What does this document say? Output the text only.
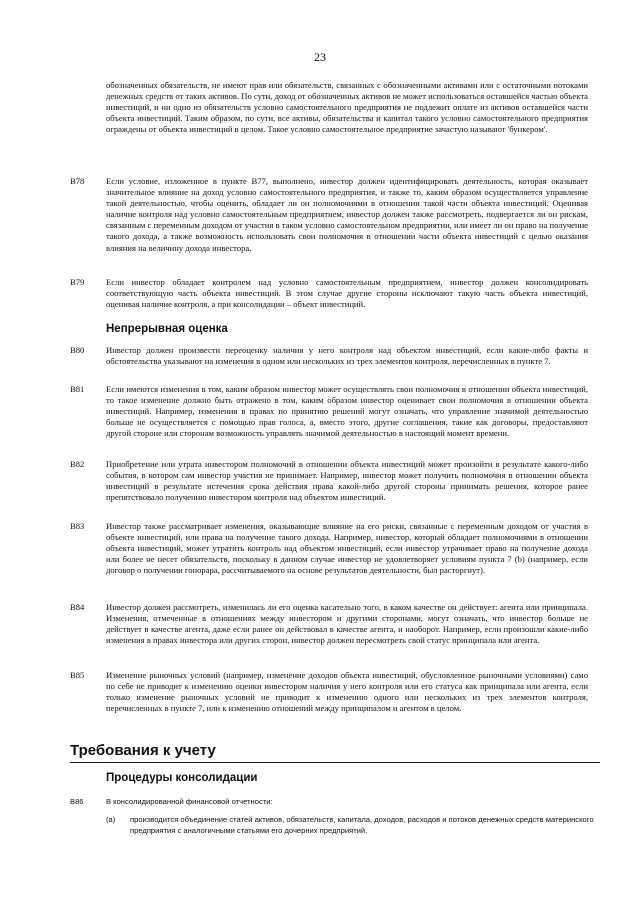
23
обозначенных обязательств, не имеют прав или обязательств, связанных с обозначенными активами или с остаточными потоками денежных средств от таких активов. По сути, доход от обозначенных активов не может использоваться оставшейся частью объекта инвестиций, и ни одно из обязательств условно самостоятельного предприятия не подлежит оплате из активов оставшейся части объекта инвестиций. Таким образом, по сути, все активы, обязательства и капитал такого условно самостоятельного предприятия ограждены от объекта инвестиций в целом. Такое условно самостоятельное предприятие зачастую называют 'бункером'.
B78	Если условие, изложенное в пункте B77, выполнено, инвестор должен идентифицировать деятельность, которая оказывает значительное влияние на доход условно самостоятельного предприятия, и также то, каким образом осуществляется управление такой деятельностью, чтобы оценить, обладает ли он полномочиями в отношении такой части объекта инвестиций. Оценивая наличие контроля над условно самостоятельным предприятием, инвестор должен также рассмотреть, подвергается ли он рискам, связанным с переменным доходом от участия в таком условно самостоятельном предприятии, или имеет ли он право на получение такого дохода, а также возможность использовать свои полномочия в отношении части объекта инвестиций с целью оказания влияния на величину дохода инвестора.
B79	Если инвестор обладает контролем над условно самостоятельным предприятием, инвестор должен консолидировать соответствующую часть объекта инвестиций. В этом случае другие стороны исключают такую часть объекта инвестиций, оценивая наличие контроля, а при консолидации – объект инвестиций.
Непрерывная оценка
B80	Инвестор должен произвести переоценку наличия у него контроля над объектом инвестиций, если какие-либо факты и обстоятельства указывают на изменения в одном или нескольких из трех элементов контроля, перечисленных в пункте 7.
B81	Если имеются изменения в том, каким образом инвестор может осуществлять свои полномочия в отношении объекта инвестиций, то такое изменение должно быть отражено в том, каким образом инвестор оценивает свои полномочия в отношении объекта инвестиций. Например, изменения в правах по принятию решений могут означать, что управление значимой деятельностью больше не осуществляется с помощью прав голоса, а, вместо этого, другие соглашения, такие как договоры, предоставляют другой стороне или сторонам возможность управлять значимой деятельностью в настоящий момент времени.
B82	Приобретение или утрата инвестором полномочий в отношении объекта инвестиций может произойти в результате какого-либо события, в котором сам инвестор участия не принимает. Например, инвестор может получить полномочия в отношении объекта инвестиций в результате истечения срока действия права какой-либо другой стороны принимать решения, которое ранее препятствовало получению инвестором контроля над объектом инвестиций.
B83	Инвестор также рассматривает изменения, оказывающие влияние на его риски, связанные с переменным доходом от участия в объекте инвестиций, или права на получение такого дохода. Например, инвестор, который обладает полномочиями в отношении объекта инвестиций, может утратить контроль над объектом инвестиций, если инвестор утрачивает право на получение дохода или более не несет обязательств, поскольку в данном случае инвестор не удовлетворяет условиям пункта 7 (b) (например, если договор о получении гонорара, рассчитываемого на основе результатов деятельности, был расторгнут).
B84	Инвестор должен рассмотреть, изменилась ли его оценка касательно того, в каком качестве он действует: агента или принципала. Изменения, отмеченные в отношениях между инвестором и другими сторонами, могут означать, что инвестор больше не действует в качестве агента, даже если ранее он действовал в качестве агента, и наоборот. Например, если произошли какие-либо изменения в правах инвестора или других сторон, инвестор должен пересмотреть свой статус принципала или агента.
B85	Изменение рыночных условий (например, изменение доходов объекта инвестиций, обусловленное рыночными условиями) само по себе не приводит к изменению оценки инвестором наличия у него контроля или его статуса как принципала или агента, если только изменение рыночных условий не приводит к изменению одного или нескольких из трех элементов контроля, перечисленных в пункте 7, или к изменению отношений между принципалом и агентом в целом.
Требования к учету
Процедуры консолидации
B86	В консолидированной финансовой отчетности:
(a) производится объединение статей активов, обязательств, капитала, доходов, расходов и потоков денежных средств материнского предприятия с аналогичными статьями его дочерних предприятий.
